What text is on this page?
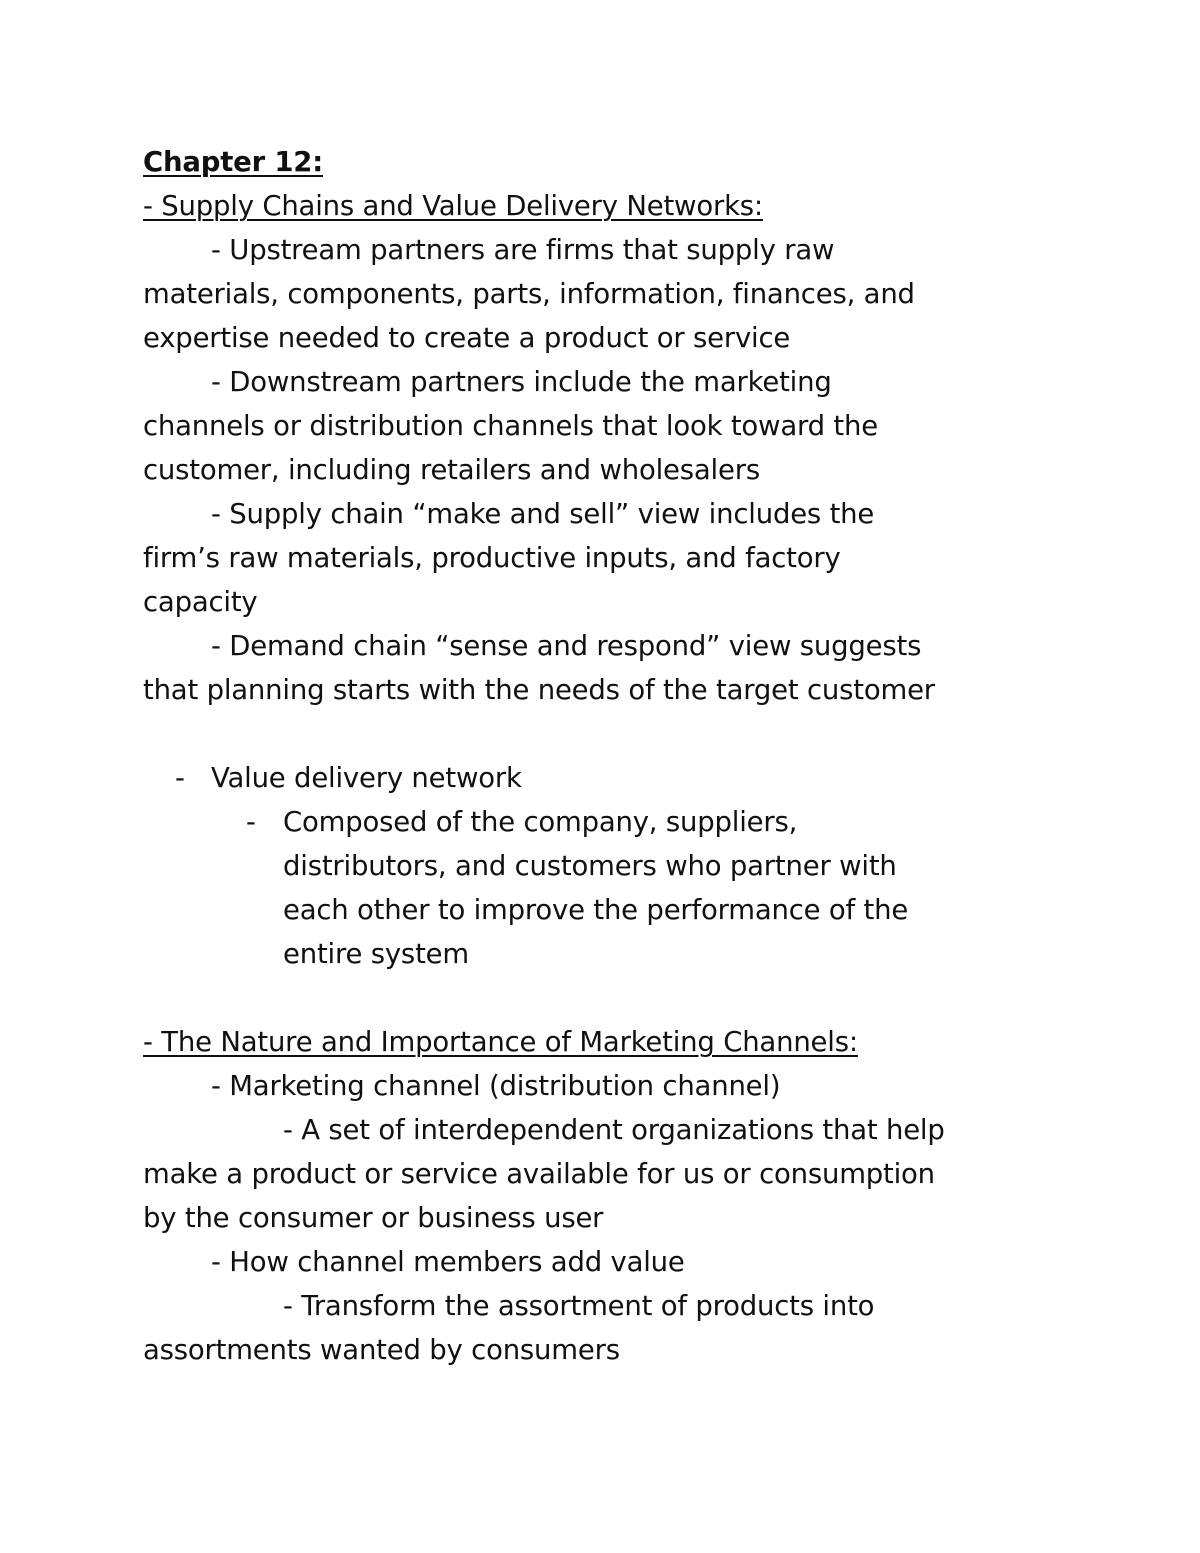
Chapter 12:
- Supply Chains and Value Delivery Networks:
- Upstream partners are firms that supply raw
materials, components, parts, information, finances, and
expertise needed to create a product or service
- Downstream partners include the marketing
channels or distribution channels that look toward the
customer, including retailers and wholesalers
- Supply chain “make and sell” view includes the
firm’s raw materials, productive inputs, and factory
capacity
- Demand chain “sense and respond” view suggests
that planning starts with the needs of the target customer
- Value delivery network
- Composed of the company, suppliers,
distributors, and customers who partner with
each other to improve the performance of the
entire system
- The Nature and Importance of Marketing Channels:
- Marketing channel (distribution channel)
- A set of interdependent organizations that help
make a product or service available for us or consumption
by the consumer or business user
- How channel members add value
- Transform the assortment of products into
assortments wanted by consumers
